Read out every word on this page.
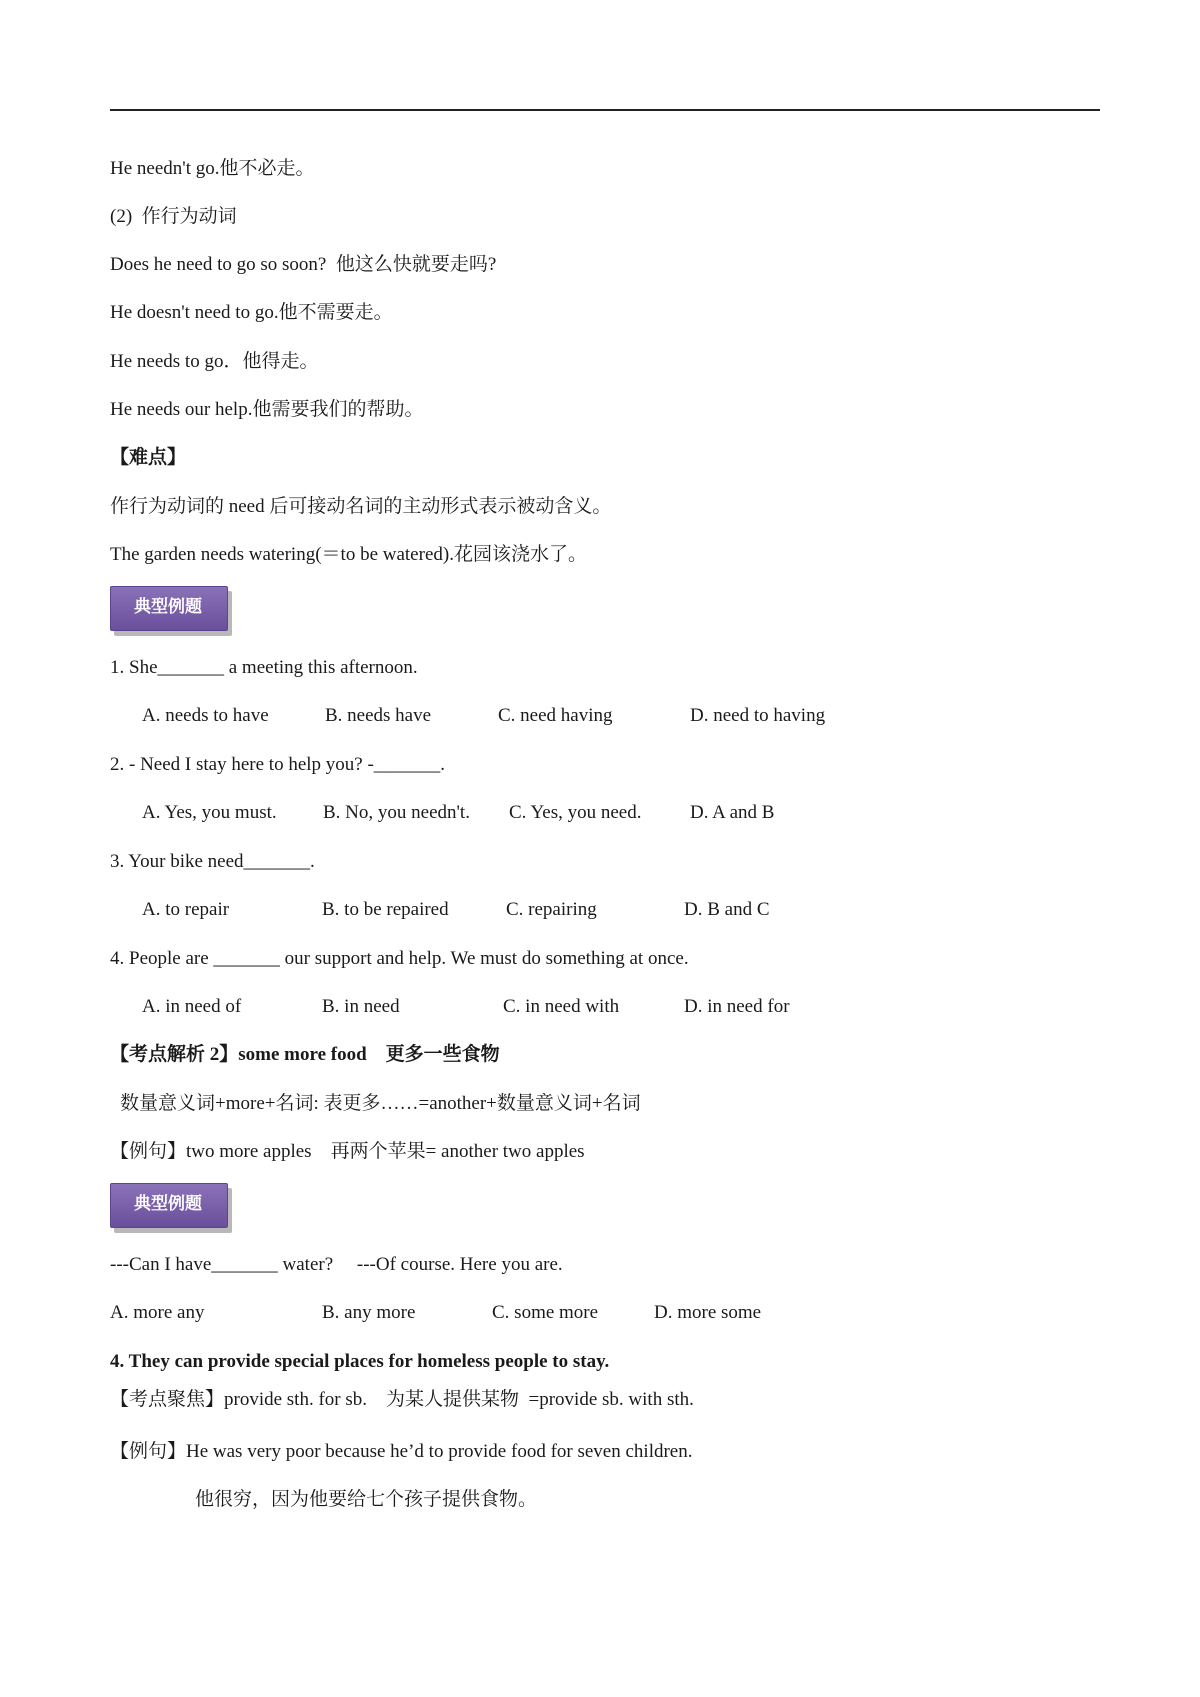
He needn't go.他不必走。
(2)  作行为动词
Does he need to go so soon?  他这么快就要走吗?
He doesn't need to go.他不需要走。
He needs to go．他得走。
He needs our help.他需要我们的帮助。
【难点】
作行为动词的 need 后可接动名词的主动形式表示被动含义。
The garden needs watering(＝to be watered).花园该浇水了。
典型例题
1. She_______ a meeting this afternoon.
A. needs to have	B. needs have	C. need having	D. need to having
2. - Need I stay here to help you? -_______.
A. Yes, you must. B. No, you needn't. C. Yes, you need.	D. A and B
3. Your bike need_______.
A. to repair	B. to be repaired	C. repairing	D. B and C
4. People are _______ our support and help. We must do something at once.
A. in need of	B. in need	C. in need with	D. in need for
【考点解析 2】some more food    更多一些食物
数量意义词+more+名词: 表更多……=another+数量意义词+名词
【例句】two more apples    再两个苹果= another two apples
典型例题
---Can I have_______ water?     ---Of course. Here you are.
A. more any	B. any more	C. some more	D. more some
4. They can provide special places for homeless people to stay.
【考点聚焦】provide sth. for sb.    为某人提供某物  =provide sb. with sth.
【例句】He was very poor because he’d to provide food for seven children.
他很穷，因为他要给七个孩子提供食物。
